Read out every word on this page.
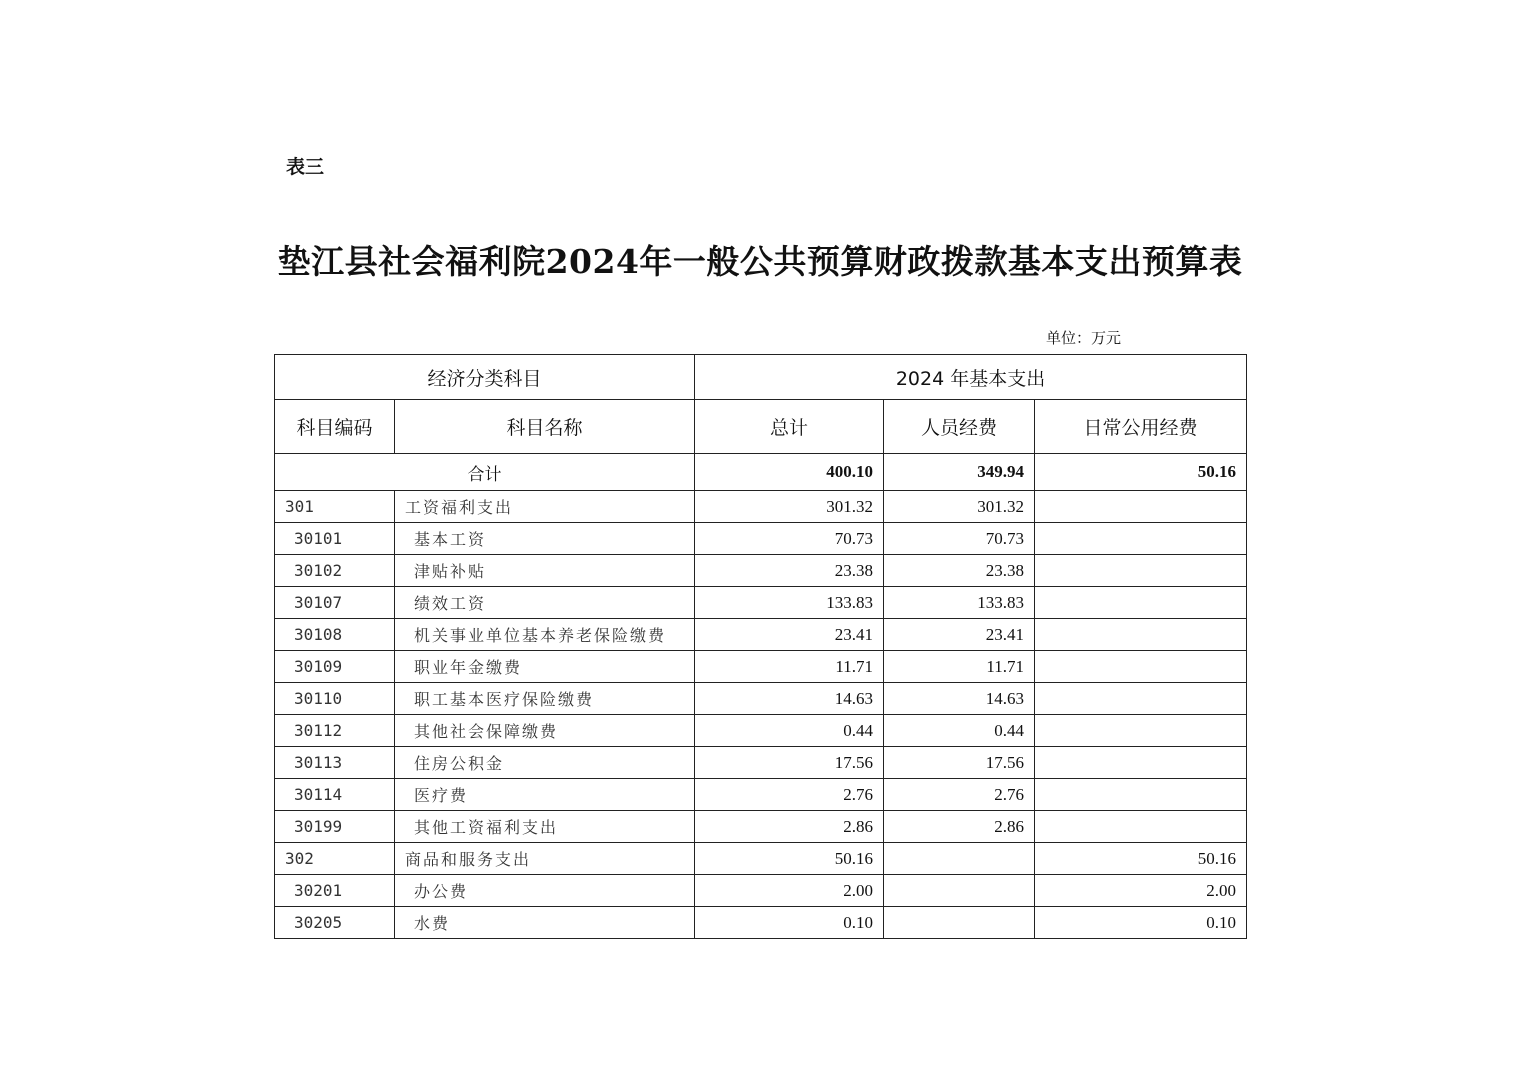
表三
垫江县社会福利院2024年一般公共预算财政拨款基本支出预算表
单位：万元
经济分类科目		2024 年基本支出		
科目编码	科目名称	总计	人员经费	日常公用经费
合计		400.10	349.94	50.16
301	工资福利支出	301.32	301.32	
30101	基本工资	70.73	70.73	
30102	津贴补贴	23.38	23.38	
30107	绩效工资	133.83	133.83	
30108	机关事业单位基本养老保险缴费	23.41	23.41	
30109	职业年金缴费	11.71	11.71	
30110	职工基本医疗保险缴费	14.63	14.63	
30112	其他社会保障缴费	0.44	0.44	
30113	住房公积金	17.56	17.56	
30114	医疗费	2.76	2.76	
30199	其他工资福利支出	2.86	2.86	
302	商品和服务支出	50.16		50.16
30201	办公费	2.00		2.00
30205	水费	0.10		0.10
